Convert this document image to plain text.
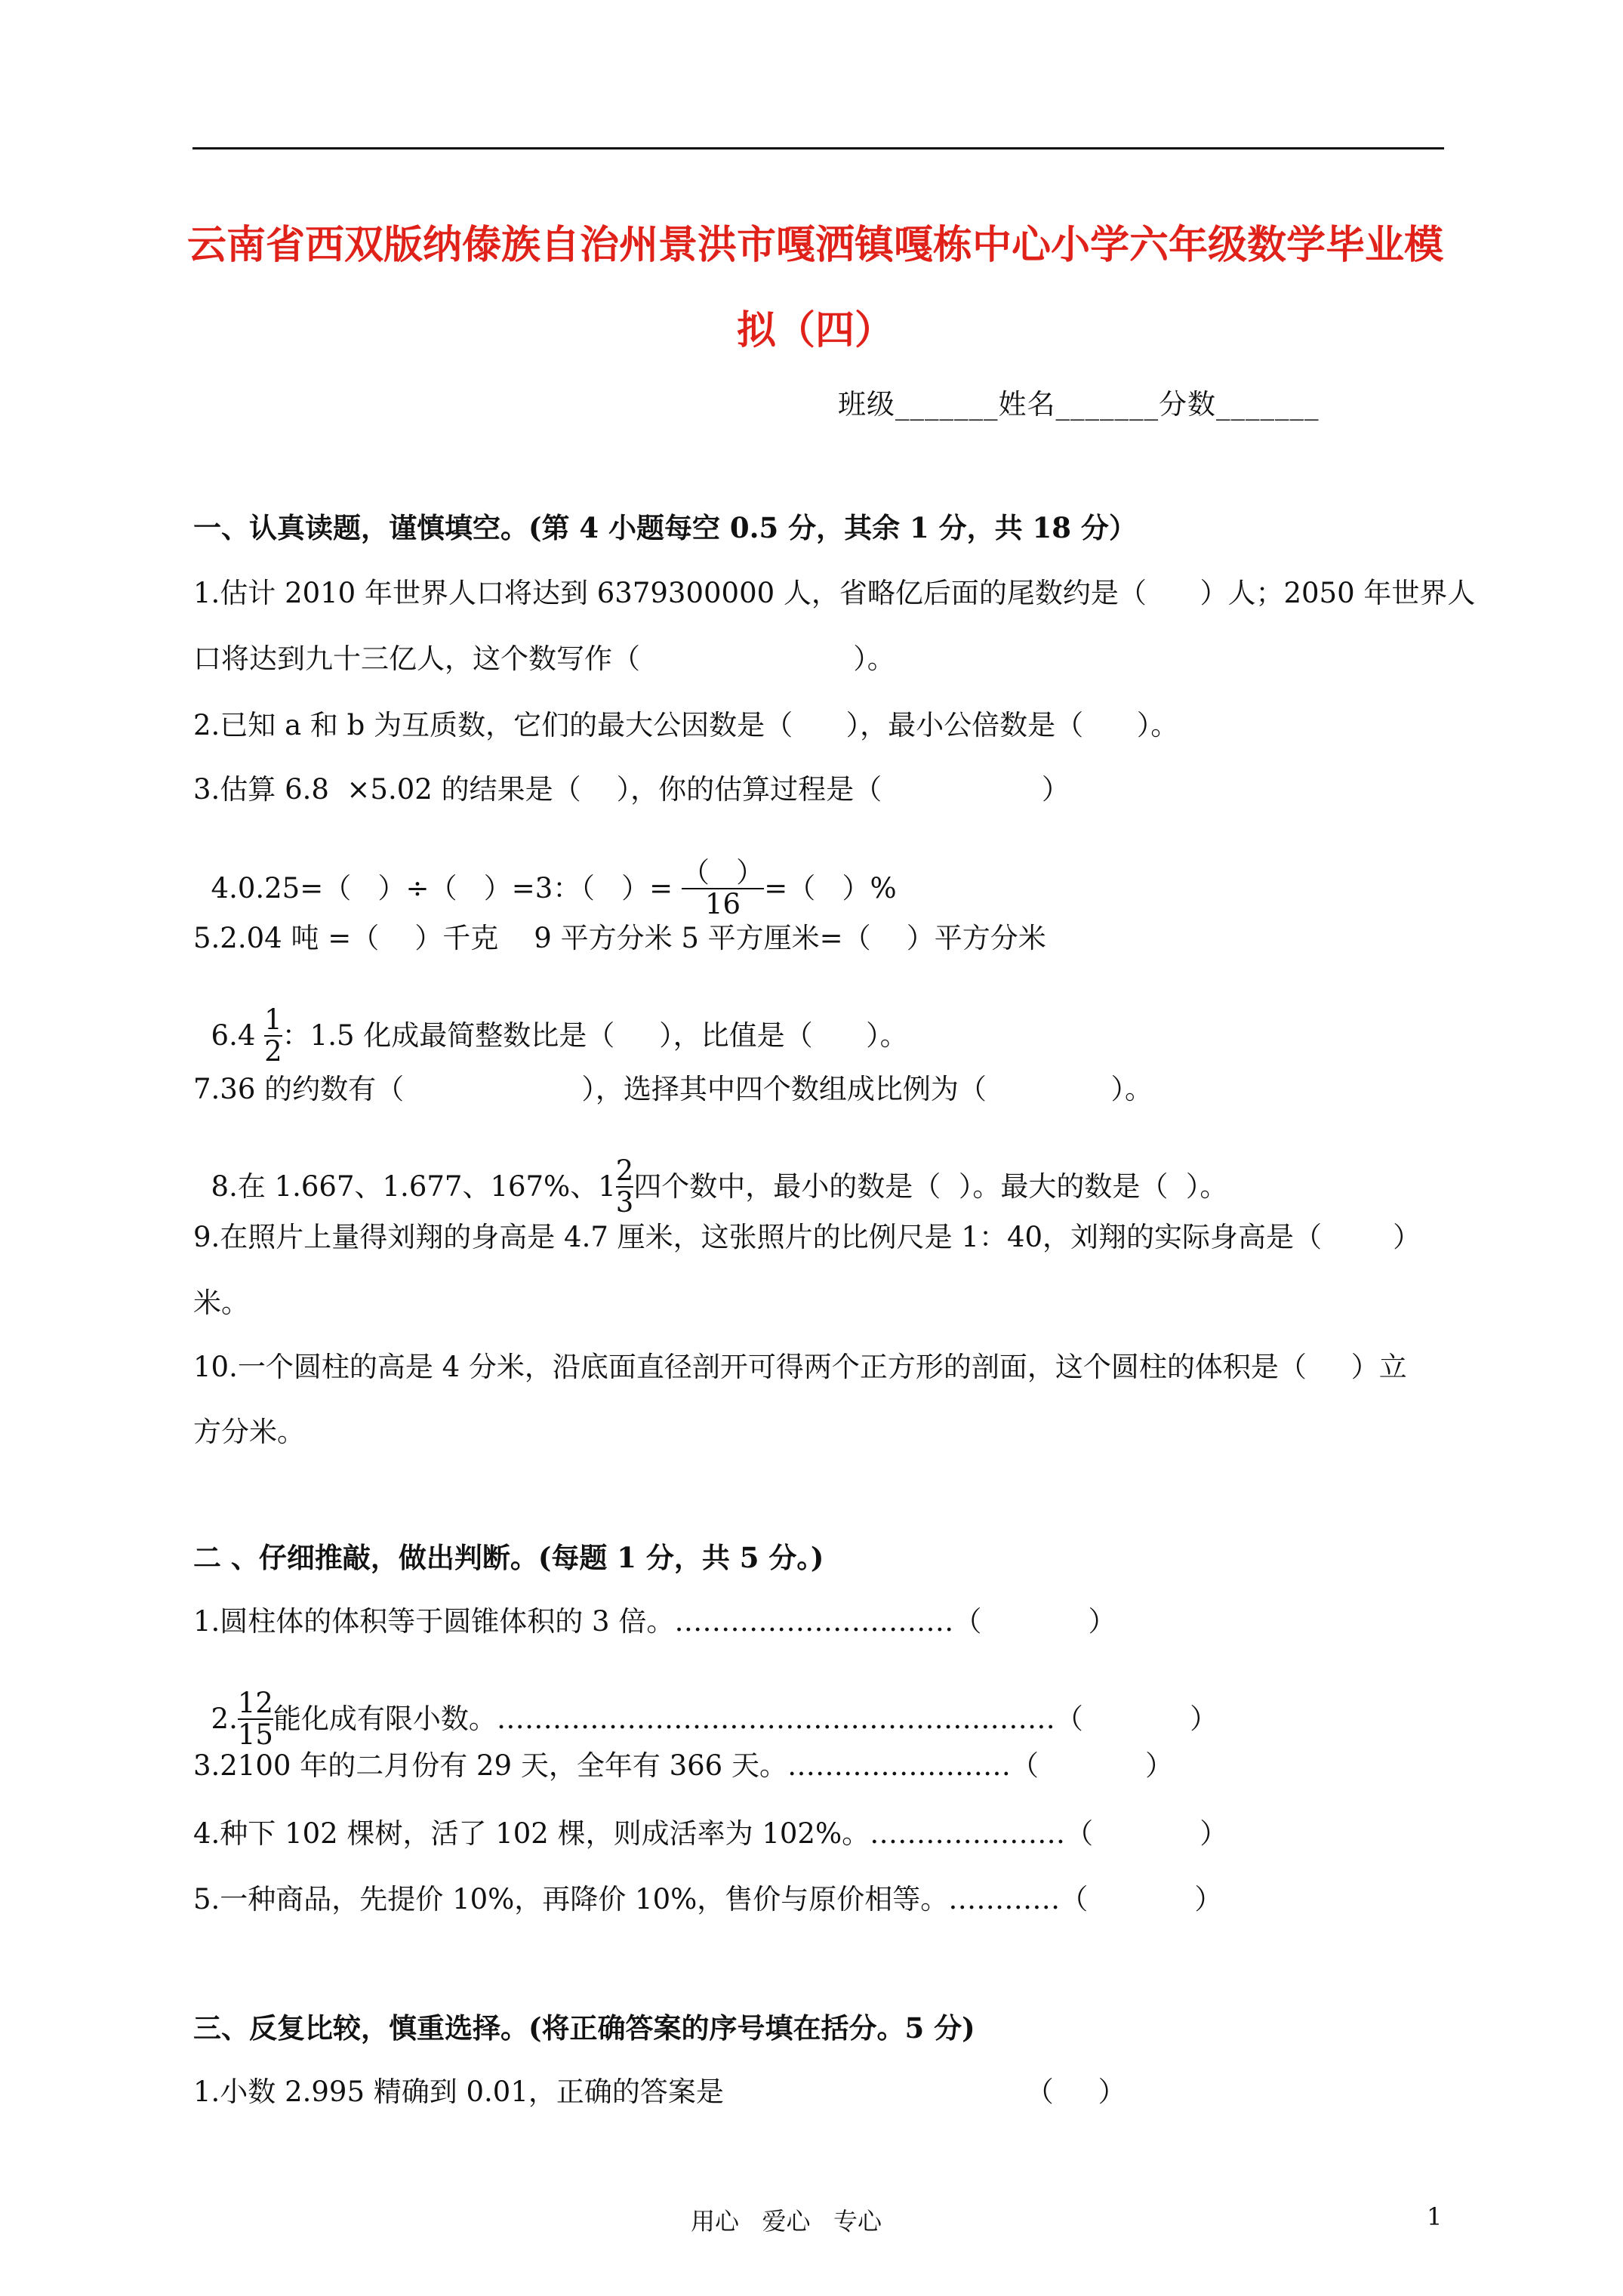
云南省西双版纳傣族自治州景洪市嘎洒镇嘎栋中心小学六年级数学毕业模
拟（四）
班级_______姓名_______分数_______
一、认真读题，谨慎填空。(第 4 小题每空 0.5 分，其余 1 分，共 18 分）
1.估计 2010 年世界人口将达到 6379300000 人，省略亿后面的尾数约是（      ）人；2050 年世界人
口将达到九十三亿人，这个数写作（                        ）。
2.已知 a 和 b 为互质数，它们的最大公因数是（      ），最小公倍数是（      ）。
3.估算 6.8  ×5.02 的结果是（    ），你的估算过程是（                  ）

4.0.25=（   ）÷（   ）=3：（   ）= $\frac{( )}{16}$ =（   ）%

5.2.04 吨 =（    ）千克    9 平方分米 5 平方厘米=（    ）平方分米

$6.4 \frac{1}{2}$ ：1.5 化成最简整数比是（     ），比值是（      ）。

7.36 的约数有（                    ），选择其中四个数组成比例为（              ）。

8.在 1.667、1.677、167%、$1 \frac{2}{3}$ 四个数中，最小的数是（  ）。最大的数是（  ）。

9.在照片上量得刘翔的身高是 4.7 厘米，这张照片的比例尺是 1：40，刘翔的实际身高是（        ）
米。
10.一个圆柱的高是 4 分米，沿底面直径剖开可得两个正方形的剖面，这个圆柱的体积是（     ）立
方分米。
二 、仔细推敲，做出判断。(每题 1 分，共 5 分。)
1.圆柱体的体积等于圆锥体积的 3 倍。…………………………（            ）

2. $\frac{12}{15}$ 能化成有限小数。……………………………………………………（            ）

3.2100 年的二月份有 29 天，全年有 366 天。……………………（            ）
4.种下 102 棵树，活了 102 棵，则成活率为 102%。…………………（            ）
5.一种商品，先提价 10%，再降价 10%，售价与原价相等。…………（            ）
三、反复比较，慎重选择。(将正确答案的序号填在括分。5 分)
1.小数 2.995 精确到 0.01，正确的答案是                                  （     ）
用心   爱心   专心	1
